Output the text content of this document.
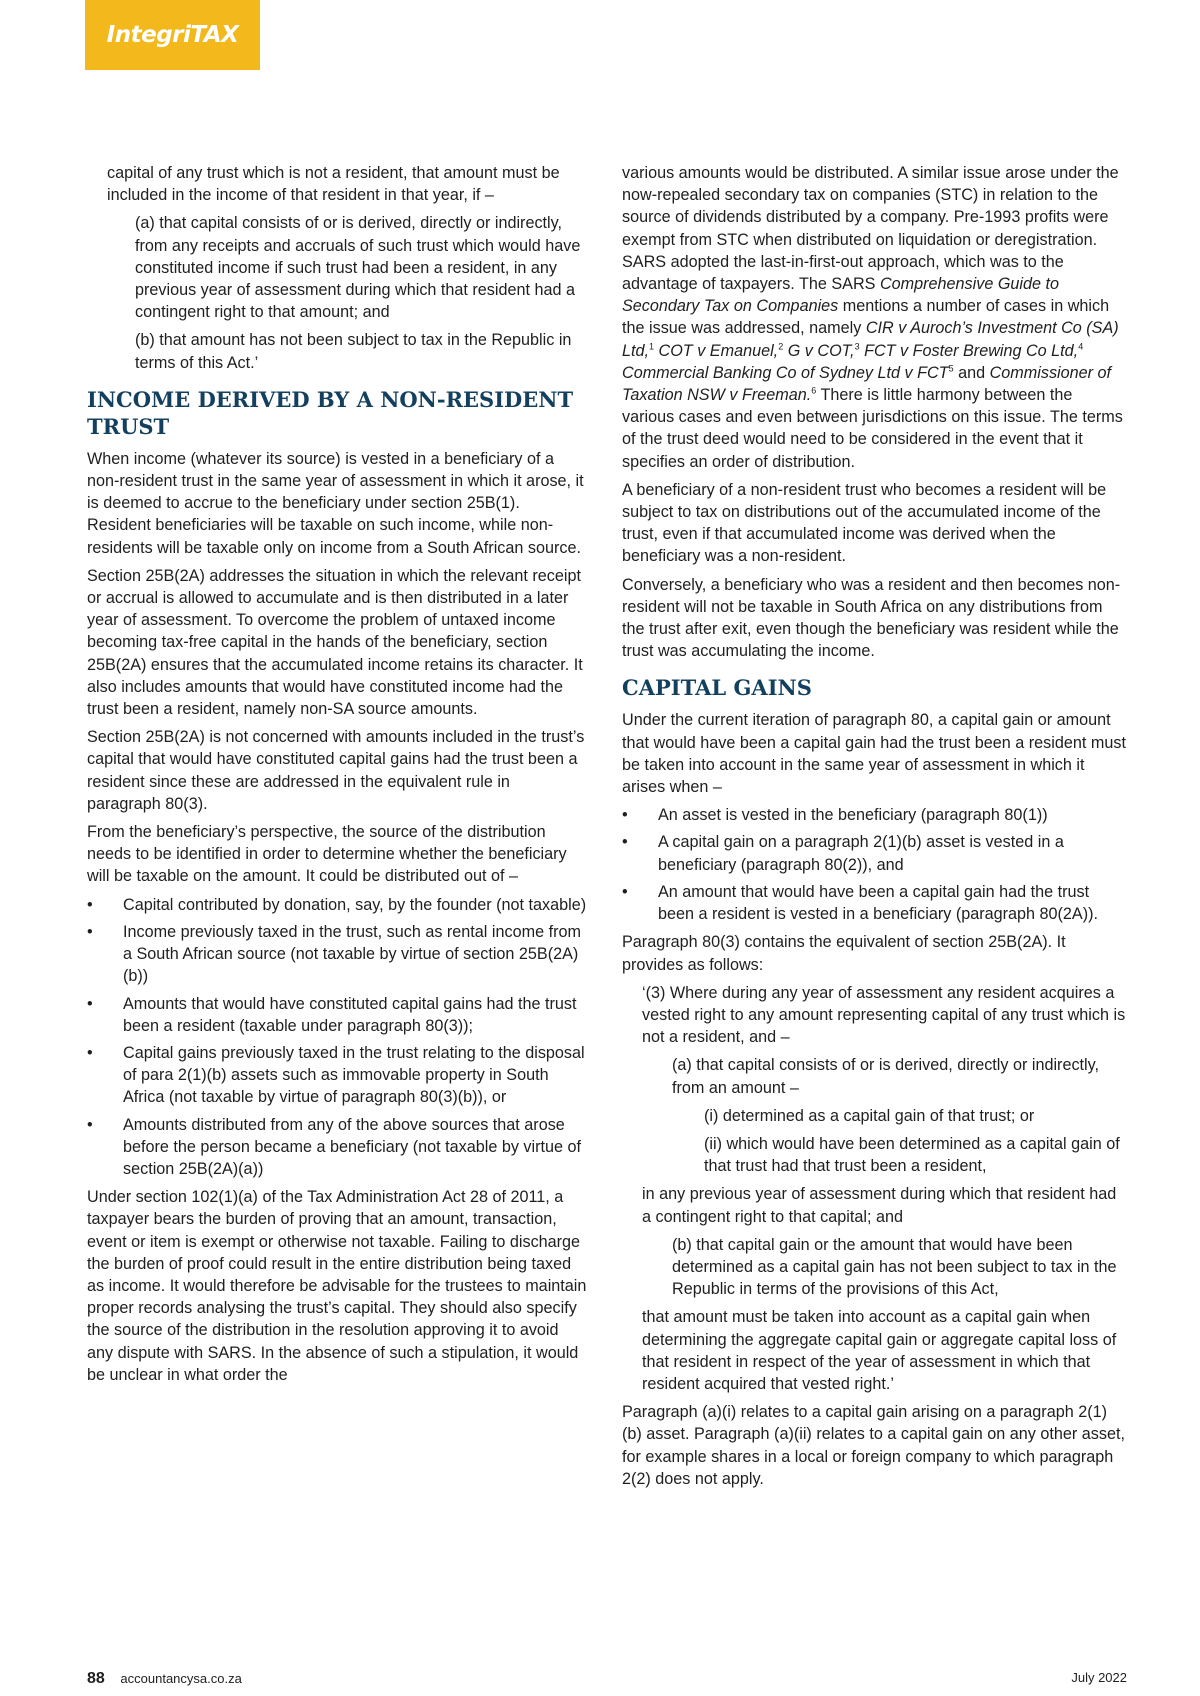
IntegriTAX

capital of any trust which is not a resident, that amount must be included in the income of that resident in that year, if –

(a) that capital consists of or is derived, directly or indirectly, from any receipts and accruals of such trust which would have constituted income if such trust had been a resident, in any previous year of assessment during which that resident had a contingent right to that amount; and

(b) that amount has not been subject to tax in the Republic in terms of this Act.’

INCOME DERIVED BY A NON-RESIDENT TRUST

When income (whatever its source) is vested in a beneficiary of a non-resident trust in the same year of assessment in which it arose, it is deemed to accrue to the beneficiary under section 25B(1). Resident beneficiaries will be taxable on such income, while non-residents will be taxable only on income from a South African source.

Section 25B(2A) addresses the situation in which the relevant receipt or accrual is allowed to accumulate and is then distributed in a later year of assessment. To overcome the problem of untaxed income becoming tax-free capital in the hands of the beneficiary, section 25B(2A) ensures that the accumulated income retains its character. It also includes amounts that would have constituted income had the trust been a resident, namely non-SA source amounts.

Section 25B(2A) is not concerned with amounts included in the trust’s capital that would have constituted capital gains had the trust been a resident since these are addressed in the equivalent rule in paragraph 80(3).

From the beneficiary’s perspective, the source of the distribution needs to be identified in order to determine whether the beneficiary will be taxable on the amount. It could be distributed out of –

• Capital contributed by donation, say, by the founder (not taxable)
• Income previously taxed in the trust, such as rental income from a South African source (not taxable by virtue of section 25B(2A)(b))
• Amounts that would have constituted capital gains had the trust been a resident (taxable under paragraph 80(3));
• Capital gains previously taxed in the trust relating to the disposal of para 2(1)(b) assets such as immovable property in South Africa (not taxable by virtue of paragraph 80(3)(b)), or
• Amounts distributed from any of the above sources that arose before the person became a beneficiary (not taxable by virtue of section 25B(2A)(a))

Under section 102(1)(a) of the Tax Administration Act 28 of 2011, a taxpayer bears the burden of proving that an amount, transaction, event or item is exempt or otherwise not taxable. Failing to discharge the burden of proof could result in the entire distribution being taxed as income. It would therefore be advisable for the trustees to maintain proper records analysing the trust’s capital. They should also specify the source of the distribution in the resolution approving it to avoid any dispute with SARS. In the absence of such a stipulation, it would be unclear in what order the

various amounts would be distributed. A similar issue arose under the now-repealed secondary tax on companies (STC) in relation to the source of dividends distributed by a company. Pre-1993 profits were exempt from STC when distributed on liquidation or deregistration. SARS adopted the last-in-first-out approach, which was to the advantage of taxpayers. The SARS Comprehensive Guide to Secondary Tax on Companies mentions a number of cases in which the issue was addressed, namely CIR v Auroch’s Investment Co (SA) Ltd,$^1$ COT v Emanuel,$^2$ G v COT,$^3$ FCT v Foster Brewing Co Ltd,$^4$ Commercial Banking Co of Sydney Ltd v FCT$^5$ and Commissioner of Taxation NSW v Freeman.$^6$ There is little harmony between the various cases and even between jurisdictions on this issue. The terms of the trust deed would need to be considered in the event that it specifies an order of distribution.

A beneficiary of a non-resident trust who becomes a resident will be subject to tax on distributions out of the accumulated income of the trust, even if that accumulated income was derived when the beneficiary was a non-resident.

Conversely, a beneficiary who was a resident and then becomes non-resident will not be taxable in South Africa on any distributions from the trust after exit, even though the beneficiary was resident while the trust was accumulating the income.

CAPITAL GAINS

Under the current iteration of paragraph 80, a capital gain or amount that would have been a capital gain had the trust been a resident must be taken into account in the same year of assessment in which it arises when –

• An asset is vested in the beneficiary (paragraph 80(1))
• A capital gain on a paragraph 2(1)(b) asset is vested in a beneficiary (paragraph 80(2)), and
• An amount that would have been a capital gain had the trust been a resident is vested in a beneficiary (paragraph 80(2A)).

Paragraph 80(3) contains the equivalent of section 25B(2A). It provides as follows:

‘(3) Where during any year of assessment any resident acquires a vested right to any amount representing capital of any trust which is not a resident, and –

(a) that capital consists of or is derived, directly or indirectly, from an amount –

(i) determined as a capital gain of that trust; or

(ii) which would have been determined as a capital gain of that trust had that trust been a resident,

in any previous year of assessment during which that resident had a contingent right to that capital; and

(b) that capital gain or the amount that would have been determined as a capital gain has not been subject to tax in the Republic in terms of the provisions of this Act,

that amount must be taken into account as a capital gain when determining the aggregate capital gain or aggregate capital loss of that resident in respect of the year of assessment in which that resident acquired that vested right.’

Paragraph (a)(i) relates to a capital gain arising on a paragraph 2(1)(b) asset. Paragraph (a)(ii) relates to a capital gain on any other asset, for example shares in a local or foreign company to which paragraph 2(2) does not apply.

88 accountancysa.co.za	July 2022
